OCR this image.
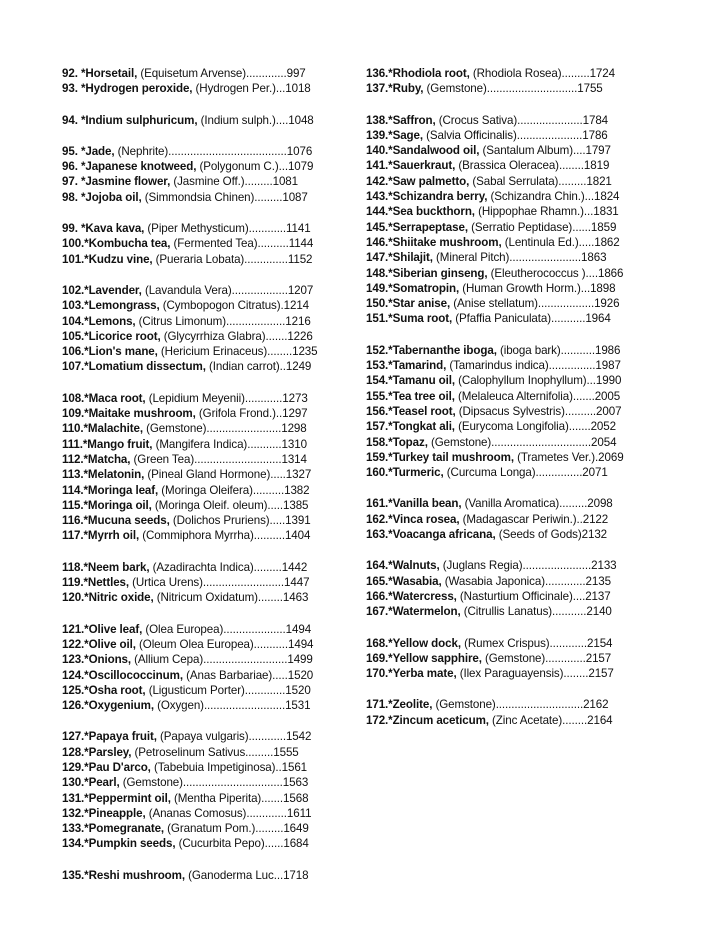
92. *Horsetail, (Equisetum Arvense).............997
93. *Hydrogen peroxide, (Hydrogen Per.)...1018
94. *Indium sulphuricum, (Indium sulph.)....1048
95. *Jade, (Nephrite)......................................1076
96. *Japanese knotweed, (Polygonum C.)...1079
97. *Jasmine flower, (Jasmine Off.).........1081
98. *Jojoba oil, (Simmondsia Chinen).........1087
99. *Kava kava, (Piper Methysticum)............1141
100.*Kombucha tea, (Fermented Tea)..........1144
101.*Kudzu vine, (Pueraria Lobata)..............1152
102.*Lavender, (Lavandula Vera)..................1207
103.*Lemongrass, (Cymbopogon Citratus).1214
104.*Lemons, (Citrus Limonum)...................1216
105.*Licorice root, (Glycyrrhiza Glabra).......1226
106.*Lion's mane, (Hericium Erinaceus)........1235
107.*Lomatium dissectum, (Indian carrot)..1249
108.*Maca root, (Lepidium Meyenii)............1273
109.*Maitake mushroom, (Grifola Frond.)..1297
110.*Malachite, (Gemstone)........................1298
111.*Mango fruit, (Mangifera Indica)...........1310
112.*Matcha, (Green Tea)............................1314
113.*Melatonin, (Pineal Gland Hormone).....1327
114.*Moringa leaf, (Moringa Oleifera)..........1382
115.*Moringa oil, (Moringa Oleif. oleum).....1385
116.*Mucuna seeds, (Dolichos Pruriens).....1391
117.*Myrrh oil, (Commiphora Myrrha)..........1404
118.*Neem bark, (Azadirachta Indica).........1442
119.*Nettles, (Urtica Urens)..........................1447
120.*Nitric oxide, (Nitricum Oxidatum)........1463
121.*Olive leaf, (Olea Europea)....................1494
122.*Olive oil, (Oleum Olea Europea)...........1494
123.*Onions, (Allium Cepa)...........................1499
124.*Oscillococcinum, (Anas Barbariae).....1520
125.*Osha root, (Ligusticum Porter).............1520
126.*Oxygenium, (Oxygen)..........................1531
127.*Papaya fruit, (Papaya vulgaris)............1542
128.*Parsley, (Petroselinum Sativus.........1555
129.*Pau D'arco, (Tabebuia Impetiginosa)..1561
130.*Pearl, (Gemstone)................................1563
131.*Peppermint oil, (Mentha Piperita).......1568
132.*Pineapple, (Ananas Comosus).............1611
133.*Pomegranate, (Granatum Pom.).........1649
134.*Pumpkin seeds, (Cucurbita Pepo)......1684
135.*Reshi mushroom, (Ganoderma Luc...1718
136.*Rhodiola root, (Rhodiola Rosea).........1724
137.*Ruby, (Gemstone).............................1755
138.*Saffron, (Crocus Sativa).....................1784
139.*Sage, (Salvia Officinalis).....................1786
140.*Sandalwood oil, (Santalum Album)....1797
141.*Sauerkraut, (Brassica Oleracea)........1819
142.*Saw palmetto, (Sabal Serrulata).........1821
143.*Schizandra berry, (Schizandra Chin.)...1824
144.*Sea buckthorn, (Hippophae Rhamn.)...1831
145.*Serrapeptase, (Serratio Peptidase)......1859
146.*Shiitake mushroom, (Lentinula Ed.).....1862
147.*Shilajit, (Mineral Pitch).......................1863
148.*Siberian ginseng, (Eleutherococcus )....1866
149.*Somatropin, (Human Growth Horm.)...1898
150.*Star anise, (Anise stellatum)..................1926
151.*Suma root, (Pfaffia Paniculata)...........1964
152.*Tabernanthe iboga, (iboga bark)...........1986
153.*Tamarind, (Tamarindus indica)...............1987
154.*Tamanu oil, (Calophyllum Inophyllum)...1990
155.*Tea tree oil, (Melaleuca Alternifolia).......2005
156.*Teasel root, (Dipsacus Sylvestris)..........2007
157.*Tongkat ali, (Eurycoma Longifolia).......2052
158.*Topaz, (Gemstone)................................2054
159.*Turkey tail mushroom, (Trametes Ver.).2069
160.*Turmeric, (Curcuma Longa)...............2071
161.*Vanilla bean, (Vanilla Aromatica).........2098
162.*Vinca rosea, (Madagascar Periwin.)..2122
163.*Voacanga africana, (Seeds of Gods)2132
164.*Walnuts, (Juglans Regia)......................2133
165.*Wasabia, (Wasabia Japonica).............2135
166.*Watercress, (Nasturtium Officinale)....2137
167.*Watermelon, (Citrullis Lanatus)...........2140
168.*Yellow dock, (Rumex Crispus)............2154
169.*Yellow sapphire, (Gemstone).............2157
170.*Yerba mate, (Ilex Paraguayensis)........2157
171.*Zeolite, (Gemstone)............................2162
172.*Zincum aceticum, (Zinc Acetate)........2164
